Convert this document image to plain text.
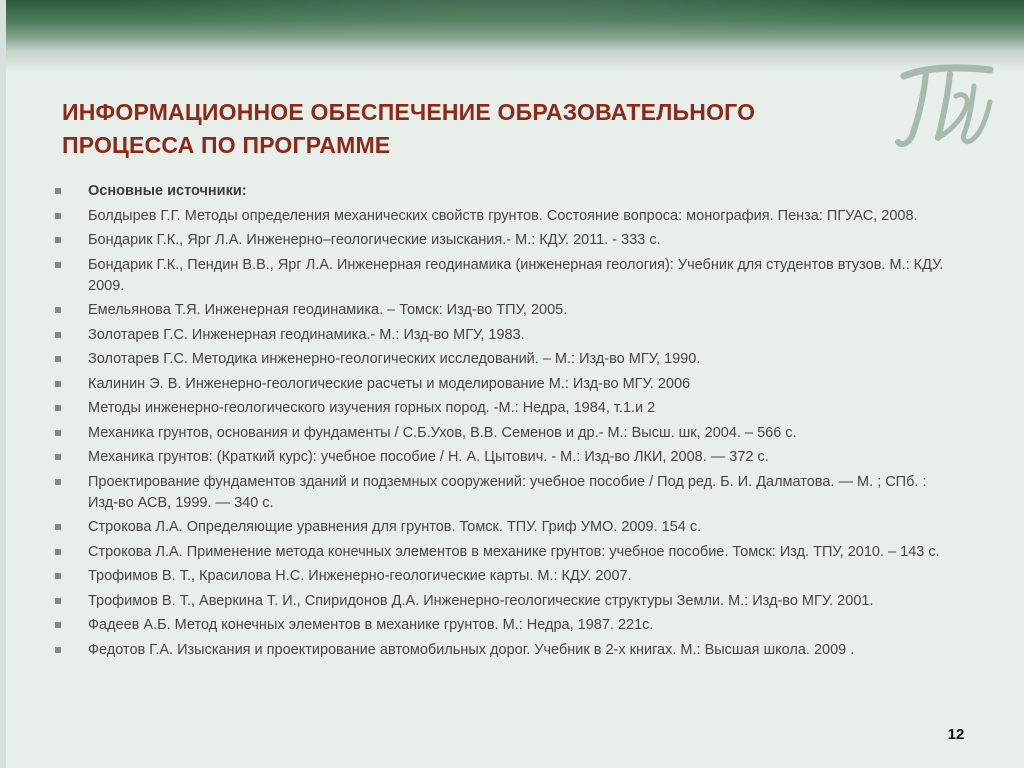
ТПУ
ИНФОРМАЦИОННОЕ ОБЕСПЕЧЕНИЕ ОБРАЗОВАТЕЛЬНОГО
ПРОЦЕССА ПО ПРОГРАММЕ
Основные источники:
Болдырев Г.Г. Методы определения механических свойств грунтов. Состояние вопроса: монография. Пенза: ПГУАС, 2008.
Бондарик Г.К., Ярг Л.А. Инженерно–геологические изыскания.- М.: КДУ. 2011. - 333 с.
Бондарик Г.К., Пендин В.В., Ярг Л.А. Инженерная геодинамика (инженерная геология): Учебник для студентов втузов. М.: КДУ. 2009.
Емельянова Т.Я. Инженерная геодинамика. – Томск: Изд-во ТПУ, 2005.
Золотарев Г.С. Инженерная геодинамика.- М.: Изд-во МГУ, 1983.
Золотарев Г.С. Методика инженерно-геологических исследований. – М.: Изд-во МГУ, 1990.
Калинин Э. В. Инженерно-геологические расчеты и моделирование М.: Изд-во МГУ. 2006
Методы инженерно-геологического изучения горных пород. -М.: Недра, 1984, т.1.и 2
Механика грунтов, основания и фундаменты / С.Б.Ухов, В.В. Семенов и др.- М.: Высш. шк, 2004. – 566 с.
Механика грунтов: (Краткий курс): учебное пособие / Н. А. Цытович. - М.: Изд-во ЛКИ, 2008. — 372 с.
Проектирование фундаментов зданий и подземных сооружений: учебное пособие / Под ред. Б. И. Далматова. — М. ; СПб. : Изд-во АСВ, 1999. — 340 с.
Строкова Л.А. Определяющие уравнения для грунтов. Томск. ТПУ. Гриф УМО. 2009. 154 с.
Строкова Л.А. Применение метода конечных элементов в механике грунтов: учебное пособие. Томск: Изд. ТПУ, 2010. – 143 с.
Трофимов В. Т., Красилова Н.С. Инженерно-геологические карты. М.: КДУ. 2007.
Трофимов В. Т., Аверкина Т. И., Спиридонов Д.А. Инженерно-геологические структуры Земли. М.: Изд-во МГУ. 2001.
Фадеев А.Б. Метод конечных элементов в механике грунтов. М.: Недра, 1987. 221с.
Федотов Г.А. Изыскания и проектирование автомобильных дорог. Учебник в 2-х книгах. М.: Высшая школа. 2009 .
12
